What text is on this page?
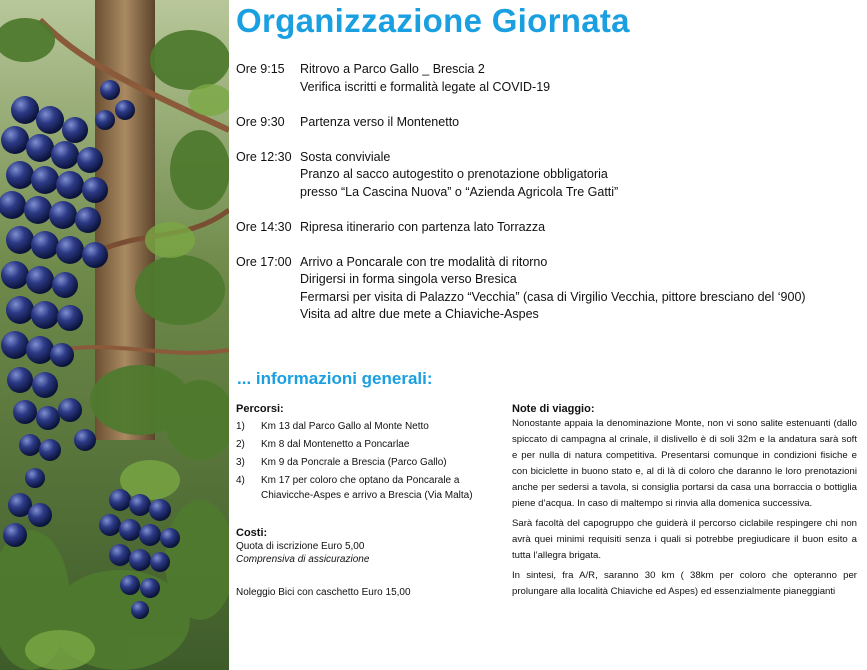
Organizzazione Giornata
Ore 9:15 Ritrovo a Parco Gallo _ Brescia 2
Verifica iscritti e formalità legate al COVID-19
Ore 9:30 Partenza verso il Montenetto
Ore 12:30 Sosta conviviale
Pranzo al sacco autogestito o prenotazione obbligatoria
presso “La Cascina Nuova” o “Azienda Agricola Tre Gatti”
Ore 14:30 Ripresa itinerario con partenza lato Torrazza
Ore 17:00 Arrivo a Poncarale con tre modalità di ritorno
Dirigersi in forma singola verso Bresica
Fermarsi per visita di Palazzo “Vecchia” (casa di Virgilio Vecchia, pittore bresciano del ‘900)
Visita ad altre due mete a Chiaviche-Aspes
... informazioni generali:
Percorsi:
1) Km 13 dal Parco Gallo al Monte Netto
2) Km 8 dal Montenetto a Poncarlae
3) Km 9 da Poncrale a Brescia (Parco Gallo)
4) Km 17 per coloro che optano da Poncarale a Chiavicche-Aspes e arrivo a Brescia (Via Malta)
Costi:
Quota di iscrizione Euro 5,00
Comprensiva di assicurazione
Noleggio Bici con caschetto Euro 15,00
Note di viaggio:
Nonostante appaia la denominazione Monte, non vi sono salite estenuanti (dallo spiccato di campagna al crinale, il dislivello è di soli 32m e la andatura sarà soft e per nulla di natura competitiva. Presentarsi comunque in condizioni fisiche e con biciclette in buono stato e, al di là di coloro che daranno le loro prenotazioni anche per sedersi a tavola, si consiglia portarsi da casa una borraccia o bottiglia piene d’acqua. In caso di maltempo si rinvia alla domenica successiva.
Sarà facoltà del capogruppo che guiderà il percorso ciclabile respingere chi non avrà quei minimi requisiti senza i quali si potrebbe pregiudicare il buon esito a tutta l’allegra brigata.
In sintesi, fra A/R, saranno 30 km ( 38km per coloro che opteranno per prolungare alla località Chiaviche ed Aspes) ed essenzialmente pianeggianti
